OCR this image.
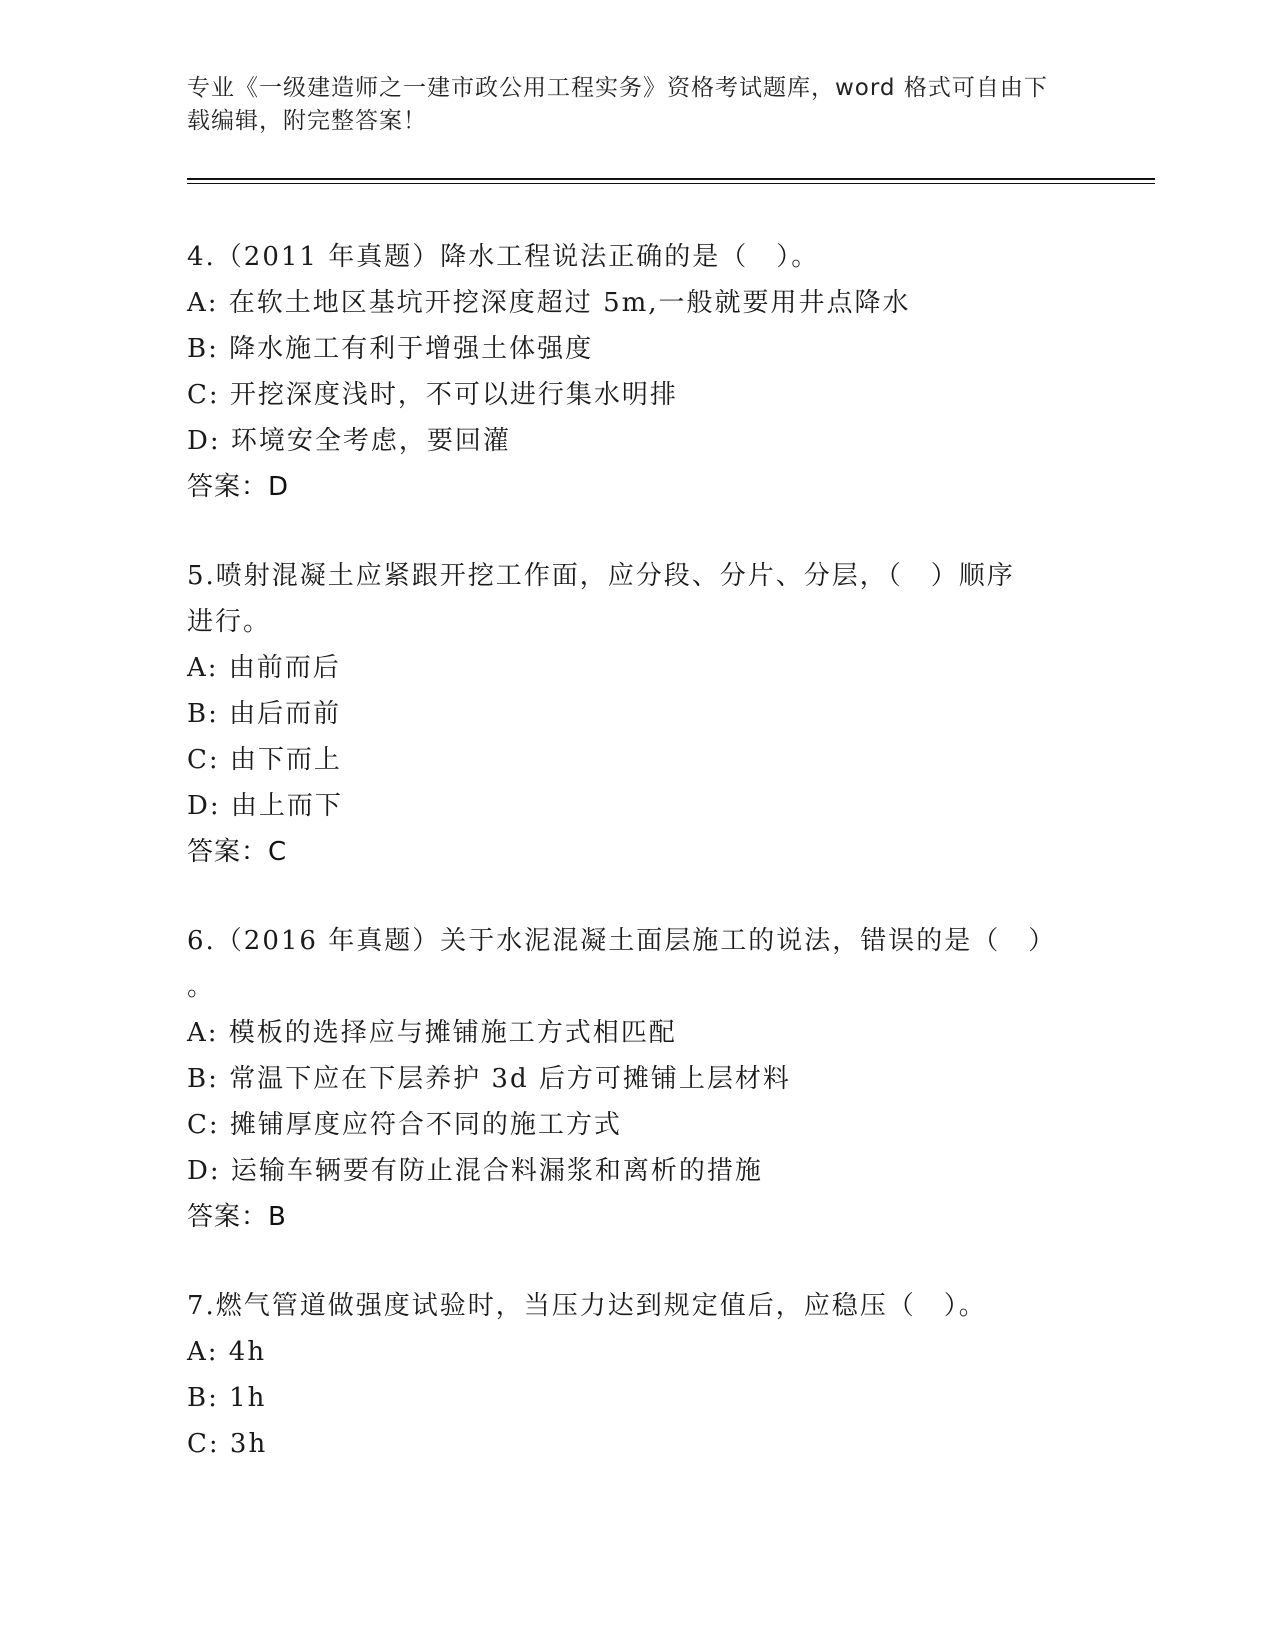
专业《一级建造师之一建市政公用工程实务》资格考试题库，word 格式可自由下
载编辑，附完整答案！

4.（2011 年真题）降水工程说法正确的是（　）。

A: 在软土地区基坑开挖深度超过 5m,一般就要用井点降水
B: 降水施工有利于增强土体强度
C: 开挖深度浅时，不可以进行集水明排
D: 环境安全考虑，要回灌
答案：D

5.喷射混凝土应紧跟开挖工作面，应分段、分片、分层，（　）顺序

进行。

A: 由前而后
B: 由后而前
C: 由下而上
D: 由上而下
答案：C

6.（2016 年真题）关于水泥混凝土面层施工的说法，错误的是（　）

。

A: 模板的选择应与摊铺施工方式相匹配
B: 常温下应在下层养护 3d 后方可摊铺上层材料
C: 摊铺厚度应符合不同的施工方式
D: 运输车辆要有防止混合料漏浆和离析的措施
答案：B

7.燃气管道做强度试验时，当压力达到规定值后，应稳压（　）。

A: 4h
B: 1h
C: 3h
